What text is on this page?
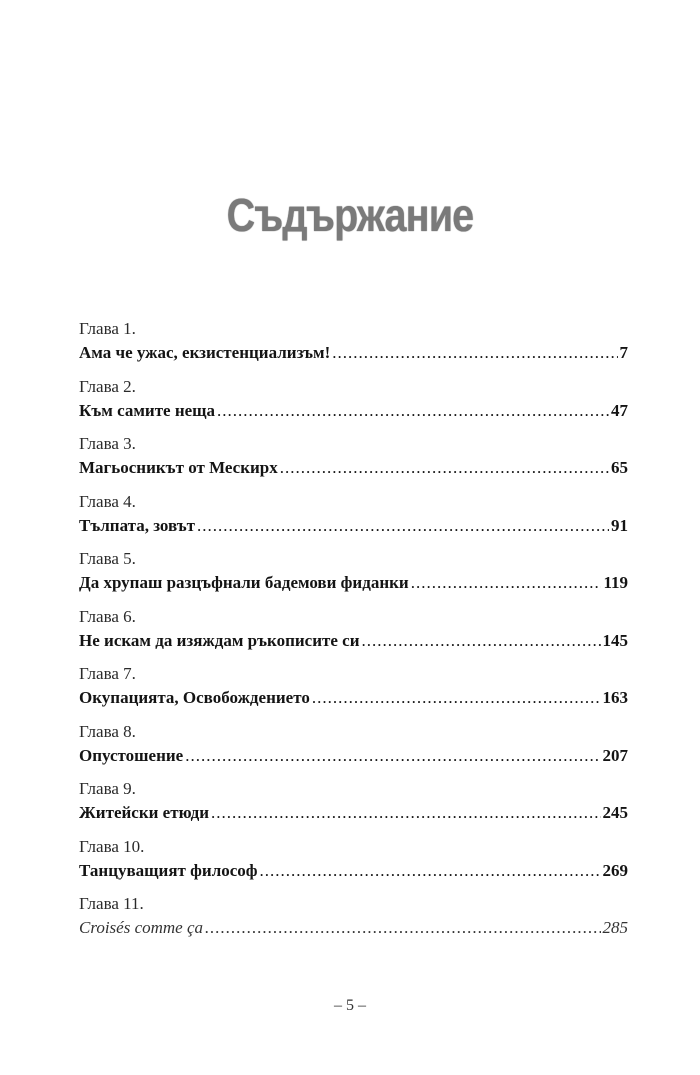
Съдържание
Глава 1.
Ама че ужас, екзистенциализъм! .....	7
Глава 2.
Към самите неща .....	47
Глава 3.
Магьосникът от Мескирх .....	65
Глава 4.
Тълпата, зовът .....	91
Глава 5.
Да хрупаш разцъфнали бадемови фиданки .....	119
Глава 6.
Не искам да изяждам ръкописите си .....	145
Глава 7.
Окупацията, Освобождението .....	163
Глава 8.
Опустошение .....	207
Глава 9.
Житейски етюди .....	245
Глава 10.
Танцуващият философ .....	269
Глава 11.
Croisés comme ça .....	285
– 5 –
